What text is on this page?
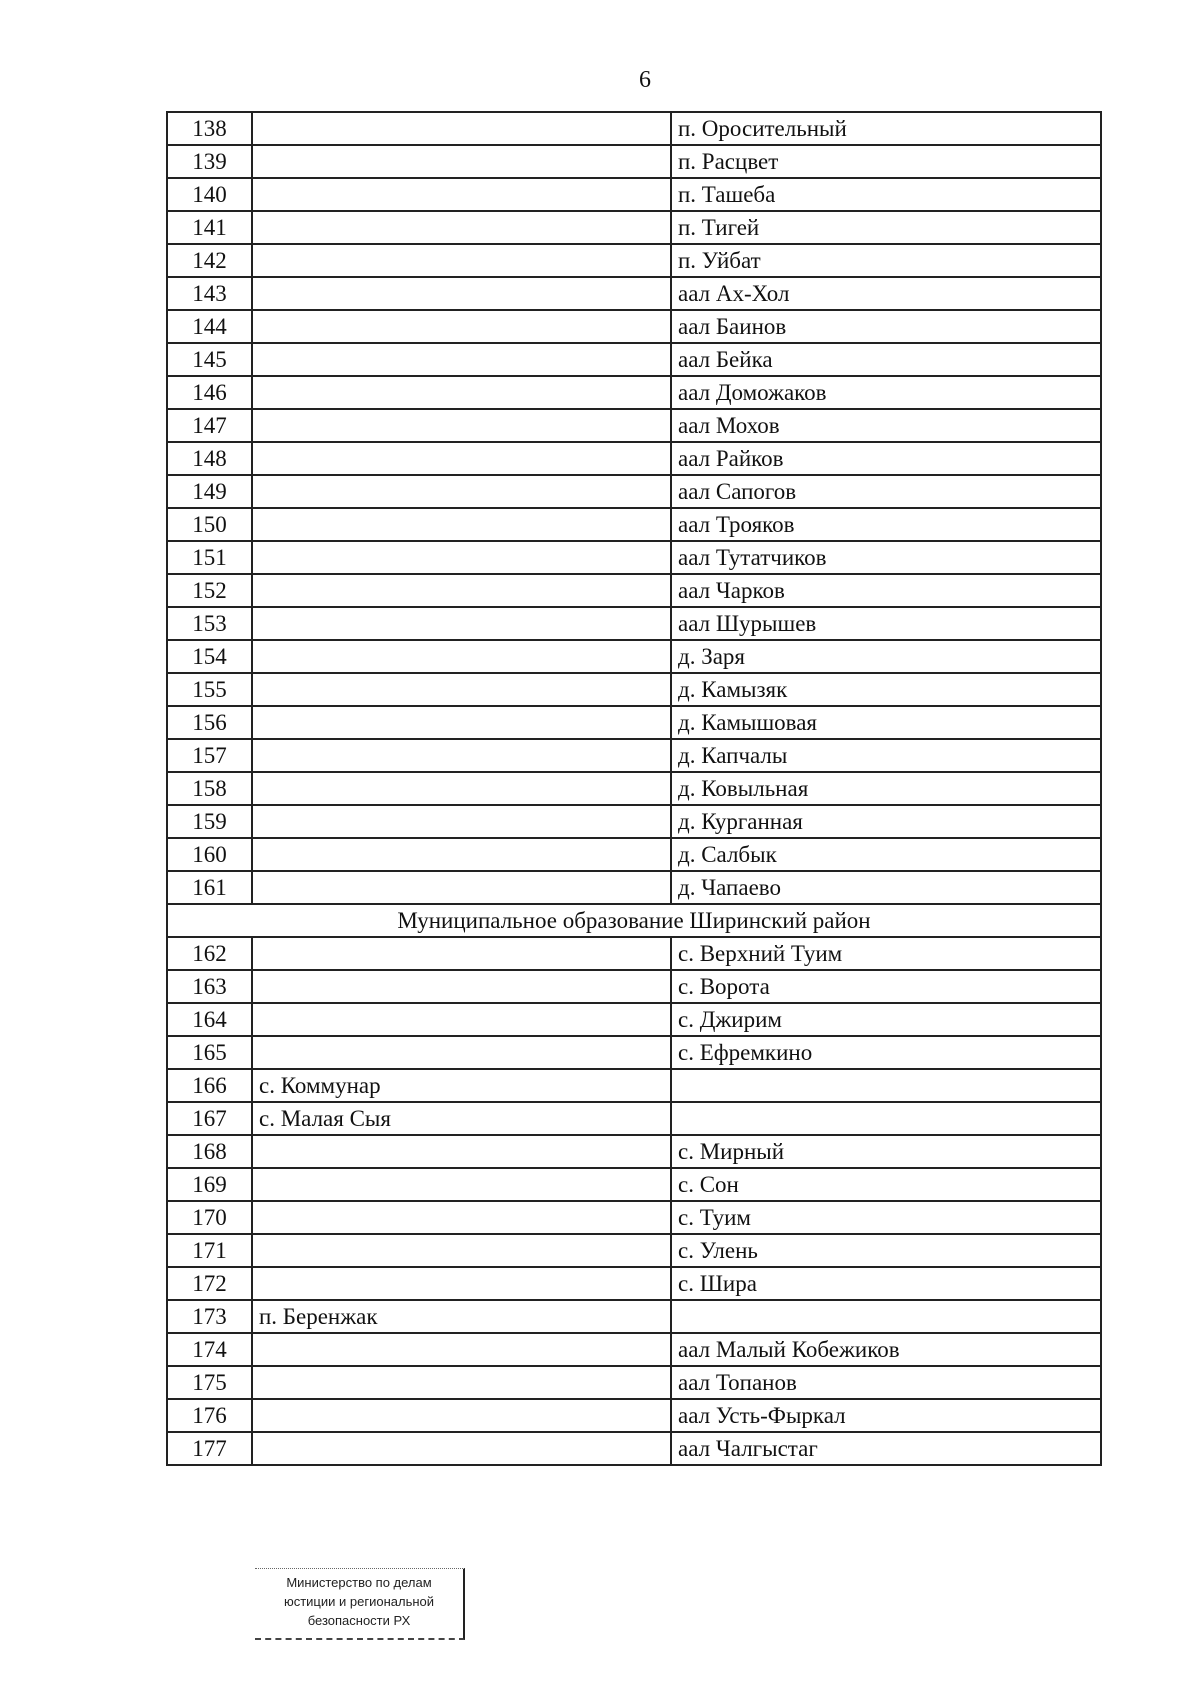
6
138		п. Оросительный
139		п. Расцвет
140		п. Ташеба
141		п. Тигей
142		п. Уйбат
143		аал Ах-Хол
144		аал Баинов
145		аал Бейка
146		аал Доможаков
147		аал Мохов
148		аал Райков
149		аал Сапогов
150		аал Трояков
151		аал Тутатчиков
152		аал Чарков
153		аал Шурышев
154		д. Заря
155		д. Камызяк
156		д. Камышовая
157		д. Капчалы
158		д. Ковыльная
159		д. Курганная
160		д. Салбык
161		д. Чапаево
Муниципальное образование Ширинский район		
162		с. Верхний Туим
163		с. Ворота
164		с. Джирим
165		с. Ефремкино
166	с. Коммунар	
167	с. Малая Сыя	
168		с. Мирный
169		с. Сон
170		с. Туим
171		с. Улень
172		с. Шира
173	п. Беренжак	
174		аал Малый Кобежиков
175		аал Топанов
176		аал Усть-Фыркал
177		аал Чалгыстаг
Министерство по делам
юстиции и региональной
безопасности РХ
